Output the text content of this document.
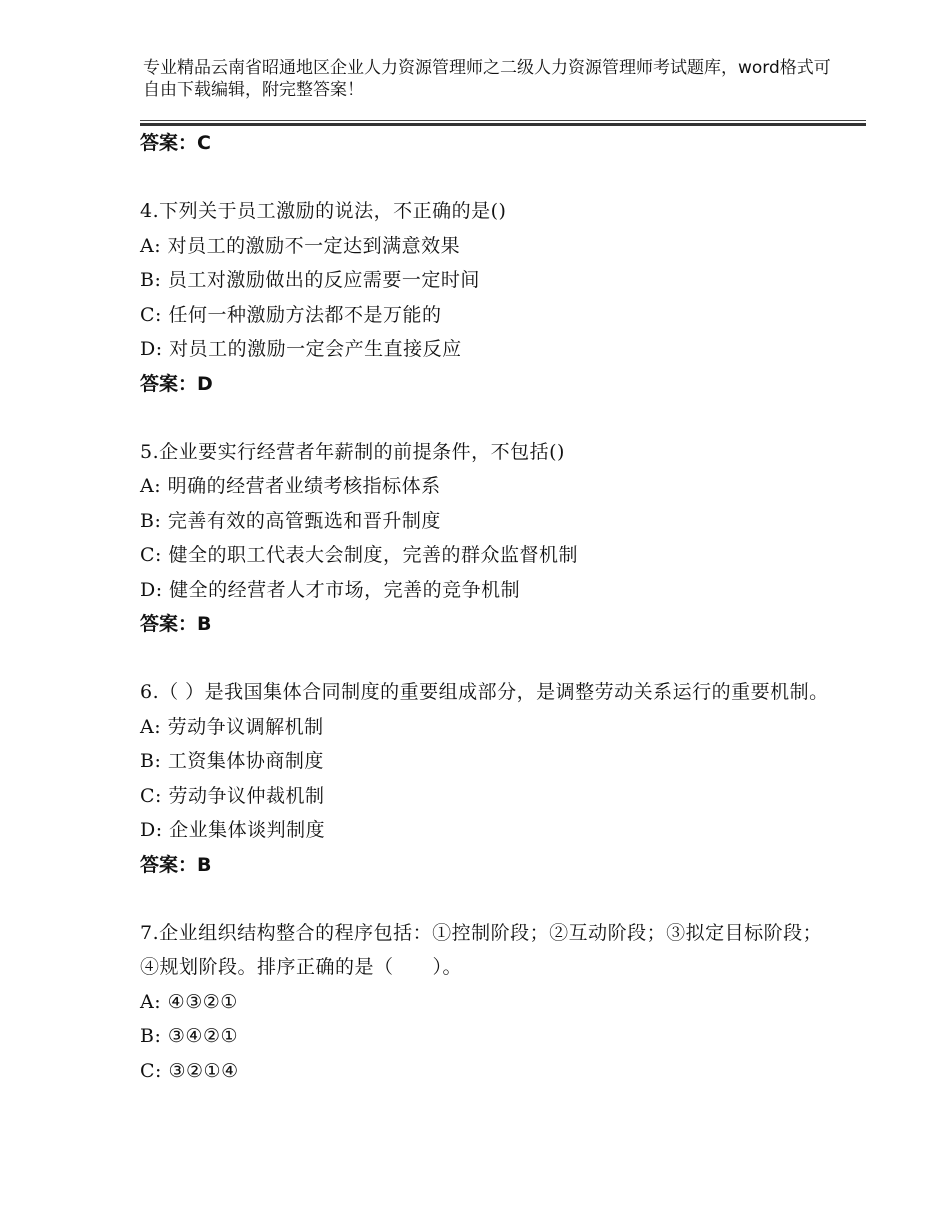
专业精品云南省昭通地区企业人力资源管理师之二级人力资源管理师考试题库，word格式可自由下载编辑，附完整答案！
答案：C
4.下列关于员工激励的说法，不正确的是()
A: 对员工的激励不一定达到满意效果
B: 员工对激励做出的反应需要一定时间
C: 任何一种激励方法都不是万能的
D: 对员工的激励一定会产生直接反应
答案：D
5.企业要实行经营者年薪制的前提条件，不包括()
A: 明确的经营者业绩考核指标体系
B: 完善有效的高管甄选和晋升制度
C: 健全的职工代表大会制度，完善的群众监督机制
D: 健全的经营者人才市场，完善的竞争机制
答案：B
6.（ ）是我国集体合同制度的重要组成部分，是调整劳动关系运行的重要机制。
A: 劳动争议调解机制
B: 工资集体协商制度
C: 劳动争议仲裁机制
D: 企业集体谈判制度
答案：B
7.企业组织结构整合的程序包括：①控制阶段；②互动阶段；③拟定目标阶段；④规划阶段。排序正确的是（　　）。
A: ④③②①
B: ③④②①
C: ③②①④
